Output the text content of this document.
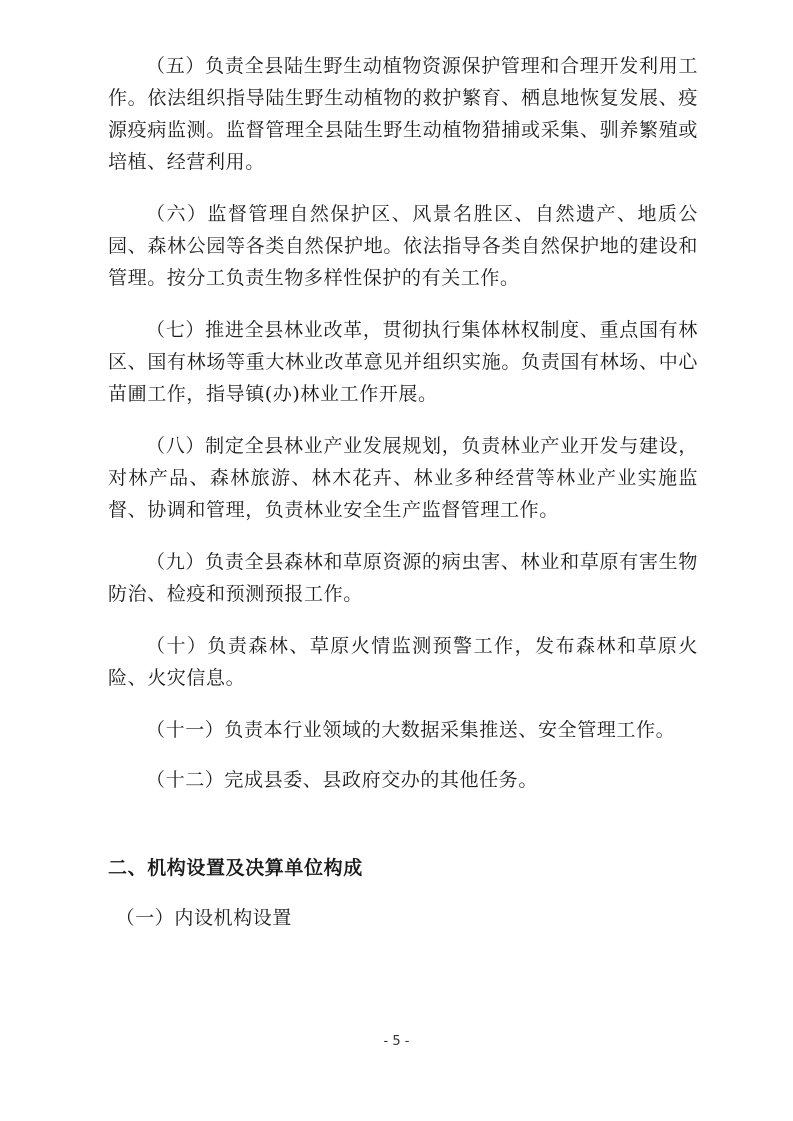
（五）负责全县陆生野生动植物资源保护管理和合理开发利用工作。依法组织指导陆生野生动植物的救护繁育、栖息地恢复发展、疫源疫病监测。监督管理全县陆生野生动植物猎捕或采集、驯养繁殖或培植、经营利用。

（六）监督管理自然保护区、风景名胜区、自然遗产、地质公园、森林公园等各类自然保护地。依法指导各类自然保护地的建设和管理。按分工负责生物多样性保护的有关工作。

（七）推进全县林业改革，贯彻执行集体林权制度、重点国有林区、国有林场等重大林业改革意见并组织实施。负责国有林场、中心苗圃工作，指导镇(办)林业工作开展。

（八）制定全县林业产业发展规划，负责林业产业开发与建设，对林产品、森林旅游、林木花卉、林业多种经营等林业产业实施监督、协调和管理，负责林业安全生产监督管理工作。

（九）负责全县森林和草原资源的病虫害、林业和草原有害生物防治、检疫和预测预报工作。

（十）负责森林、草原火情监测预警工作，发布森林和草原火险、火灾信息。

（十一）负责本行业领域的大数据采集推送、安全管理工作。

（十二）完成县委、县政府交办的其他任务。

二、机构设置及决算单位构成

（一）内设机构设置

- 5 -
